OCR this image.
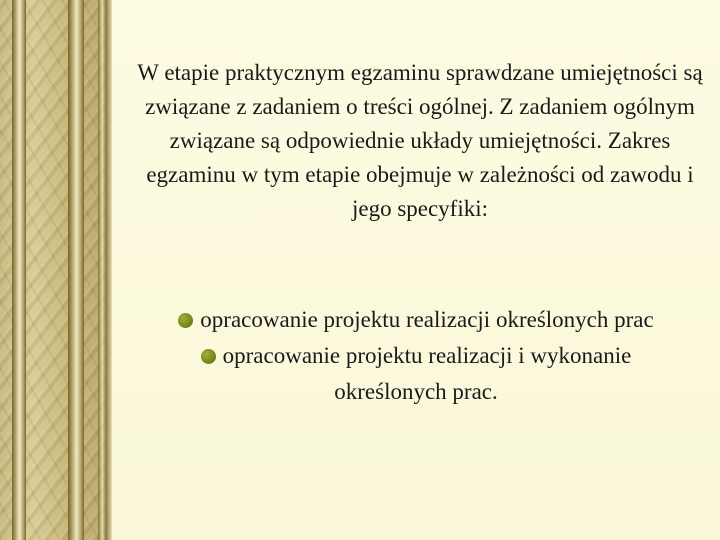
W etapie praktycznym egzaminu sprawdzane umiejętności są związane z zadaniem o treści ogólnej. Z zadaniem ogólnym związane są odpowiednie układy umiejętności. Zakres egzaminu w tym etapie obejmuje w zależności od zawodu i jego specyfiki:

opracowanie projektu realizacji określonych prac
opracowanie projektu realizacji i wykonanie określonych prac.
